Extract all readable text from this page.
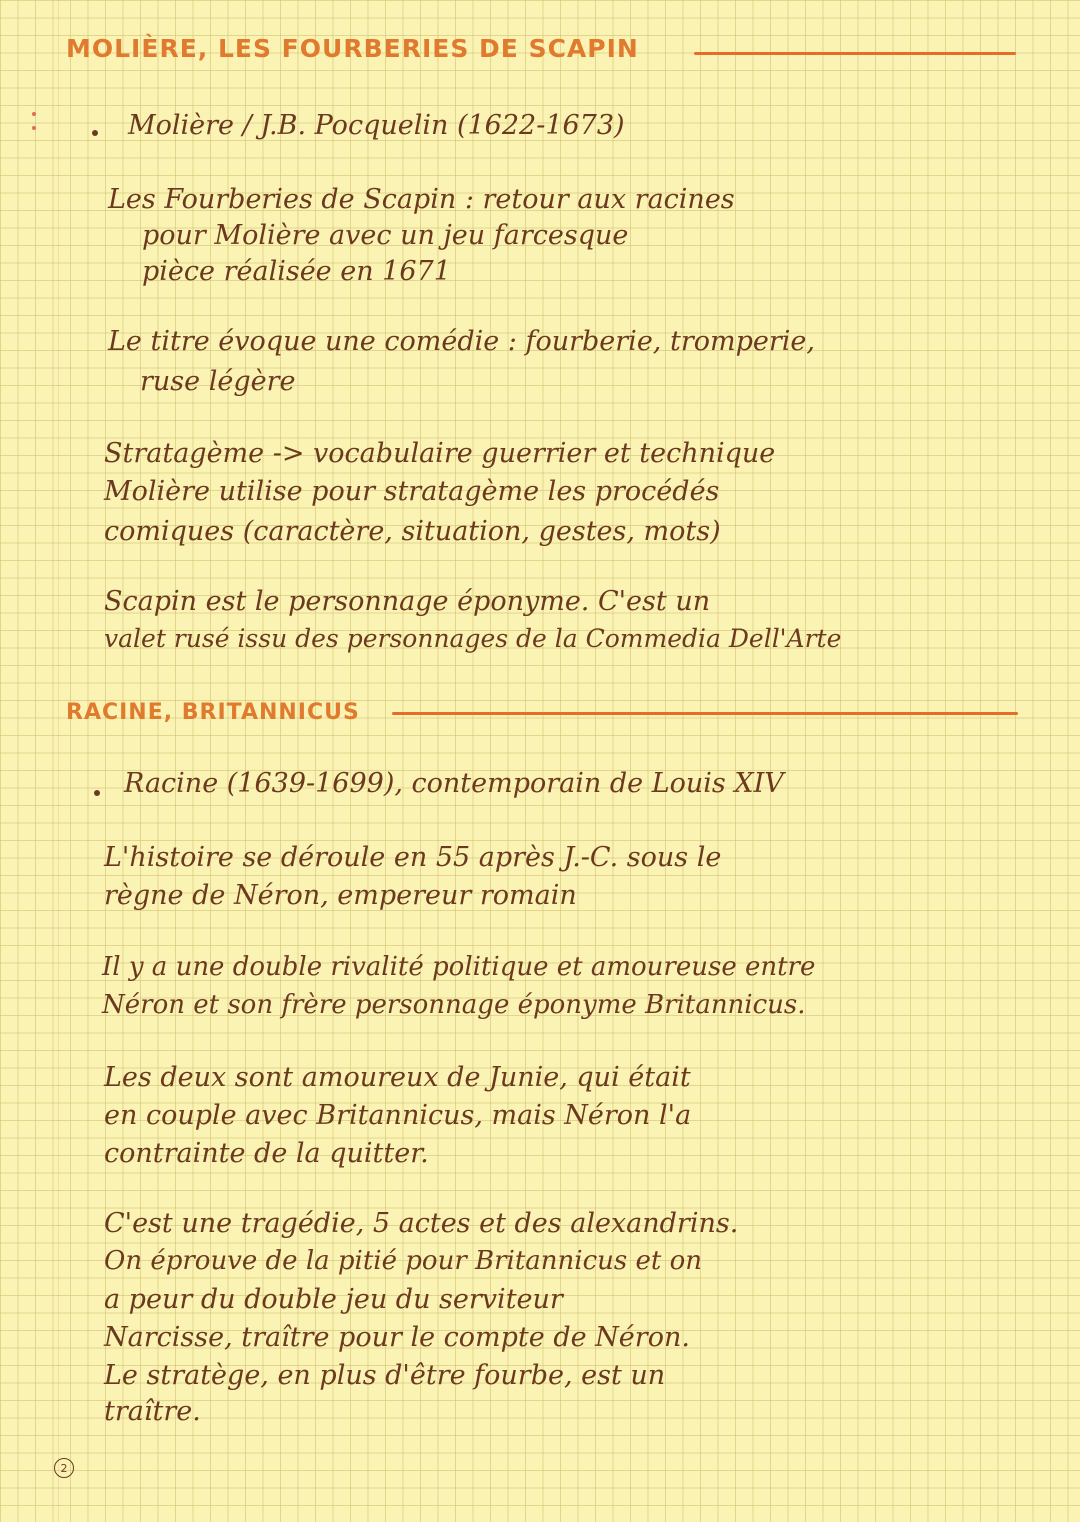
MOLIÈRE, LES FOURBERIES DE SCAPIN
Molière / J.B. Pocquelin (1622-1673)
Les Fourberies de Scapin : retour aux racines
pour Molière avec un jeu farcesque
pièce réalisée en 1671
Le titre évoque une comédie : fourberie, tromperie,
ruse légère
Stratagème -> vocabulaire guerrier et technique
Molière utilise pour stratagème les procédés
comiques (caractère, situation, gestes, mots)
Scapin est le personnage éponyme. C'est un
valet rusé issu des personnages de la Commedia Dell'Arte
RACINE, BRITANNICUS
Racine (1639-1699), contemporain de Louis XIV
L'histoire se déroule en 55 après J.-C. sous le
règne de Néron, empereur romain
Il y a une double rivalité politique et amoureuse entre
Néron et son frère personnage éponyme Britannicus.
Les deux sont amoureux de Junie, qui était
en couple avec Britannicus, mais Néron l'a
contrainte de la quitter.
C'est une tragédie, 5 actes et des alexandrins.
On éprouve de la pitié pour Britannicus et on
a peur du double jeu du serviteur
Narcisse, traître pour le compte de Néron.
Le stratège, en plus d'être fourbe, est un
traître.
2
